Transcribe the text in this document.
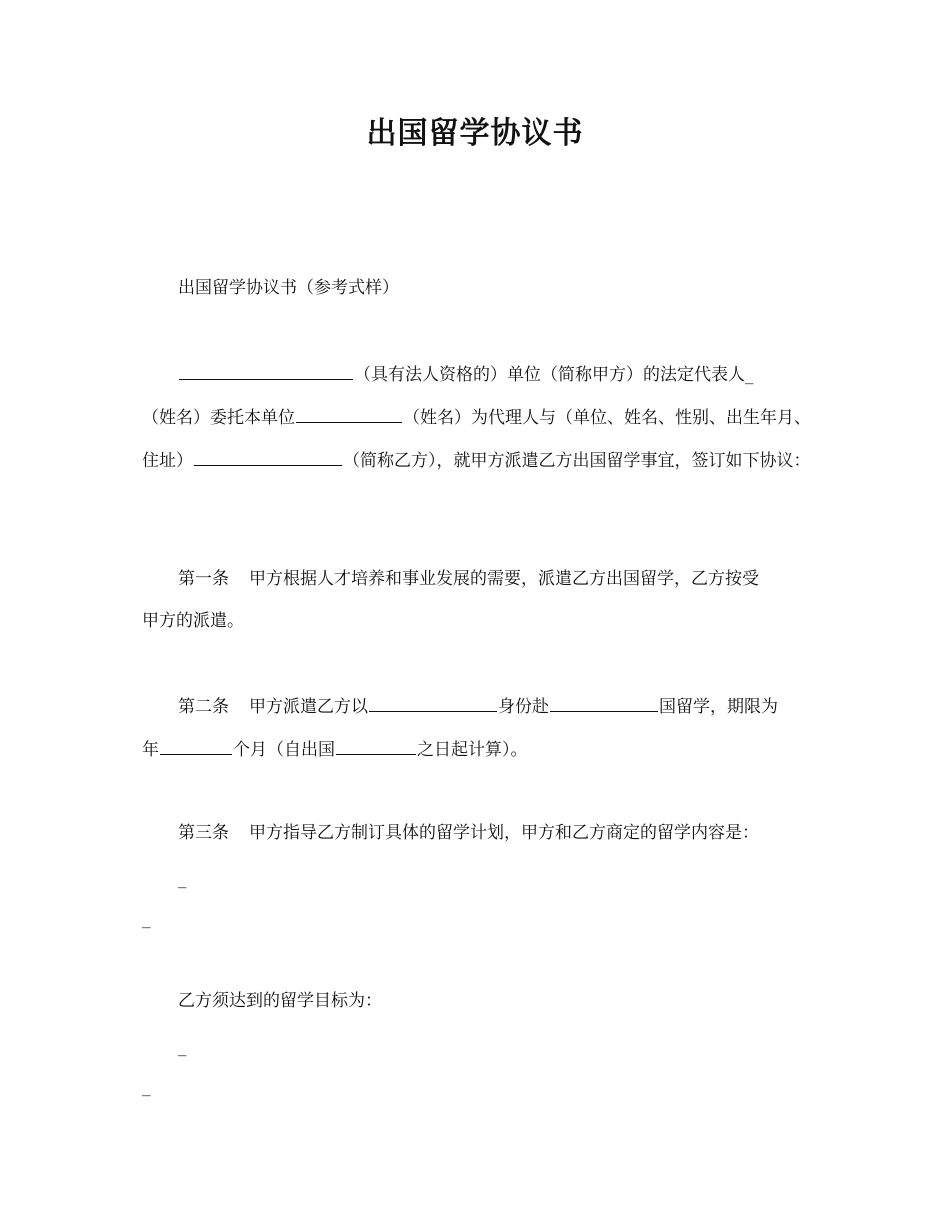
出国留学协议书
出国留学协议书（参考式样）
（具有法人资格的）单位（简称甲方）的法定代表人_
（姓名）委托本单位	（姓名）为代理人与（单位、姓名、性别、出生年月、
住址）	（简称乙方），就甲方派遣乙方出国留学事宜，签订如下协议：
第一条 甲方根据人才培养和事业发展的需要，派遣乙方出国留学，乙方按受
甲方的派遣。
第二条 甲方派遣乙方以	身份赴	国留学，期限为
年	个月（自出国	之日起计算）。
第三条 甲方指导乙方制订具体的留学计划，甲方和乙方商定的留学内容是：
_
_
乙方须达到的留学目标为：
_
_
